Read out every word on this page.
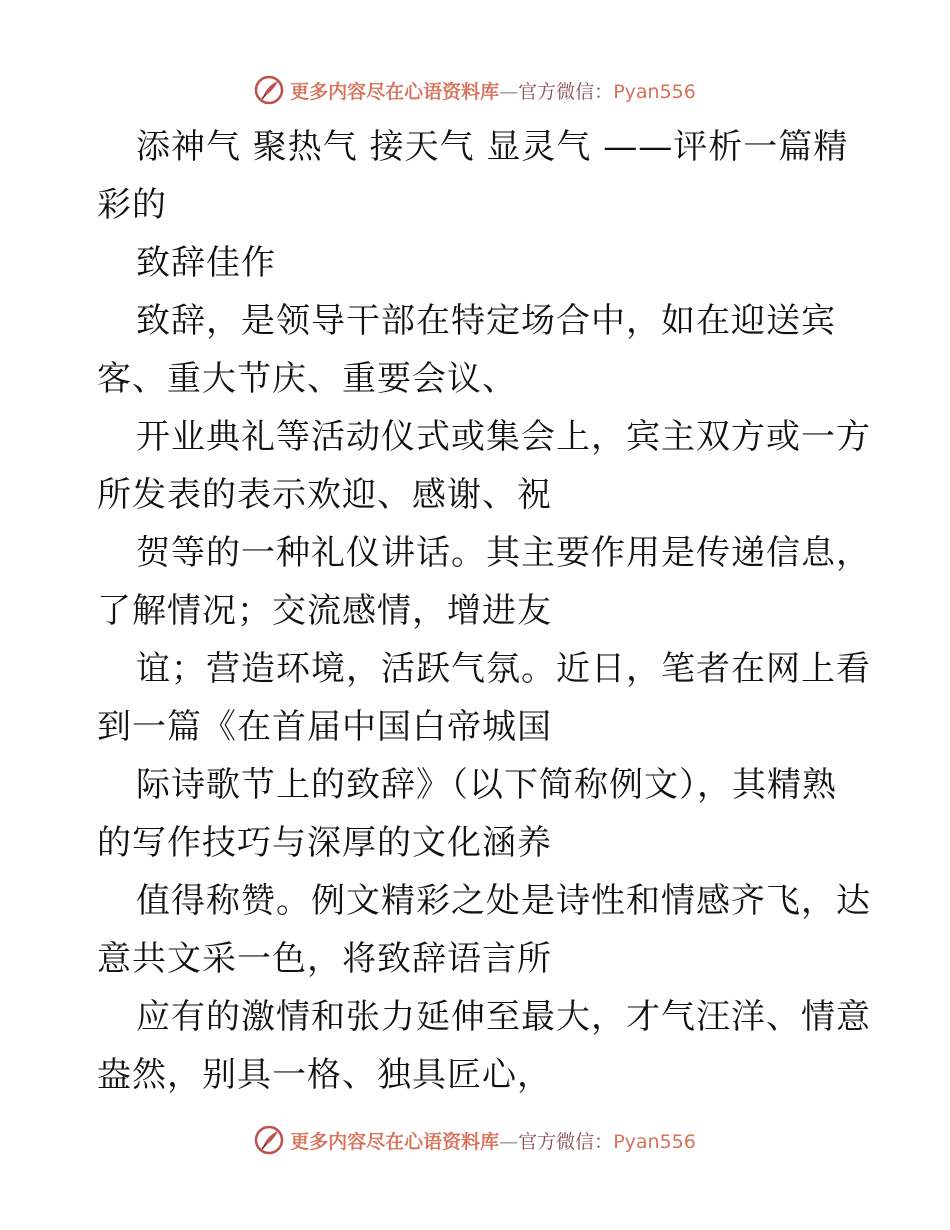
更多内容尽在心语资料库—官方微信：Pyan556
添神气 聚热气 接天气 显灵气 ——评析一篇精
彩的
致辞佳作
致辞，是领导干部在特定场合中，如在迎送宾
客、重大节庆、重要会议、
开业典礼等活动仪式或集会上，宾主双方或一方
所发表的表示欢迎、感谢、祝
贺等的一种礼仪讲话。其主要作用是传递信息，
了解情况；交流感情，增进友
谊；营造环境，活跃气氛。近日，笔者在网上看
到一篇《在首届中国白帝城国
际诗歌节上的致辞》（以下简称例文），其精熟
的写作技巧与深厚的文化涵养
值得称赞。例文精彩之处是诗性和情感齐飞，达
意共文采一色，将致辞语言所
应有的激情和张力延伸至最大，才气汪洋、情意
盎然，别具一格、独具匠心，
更多内容尽在心语资料库—官方微信：Pyan556
